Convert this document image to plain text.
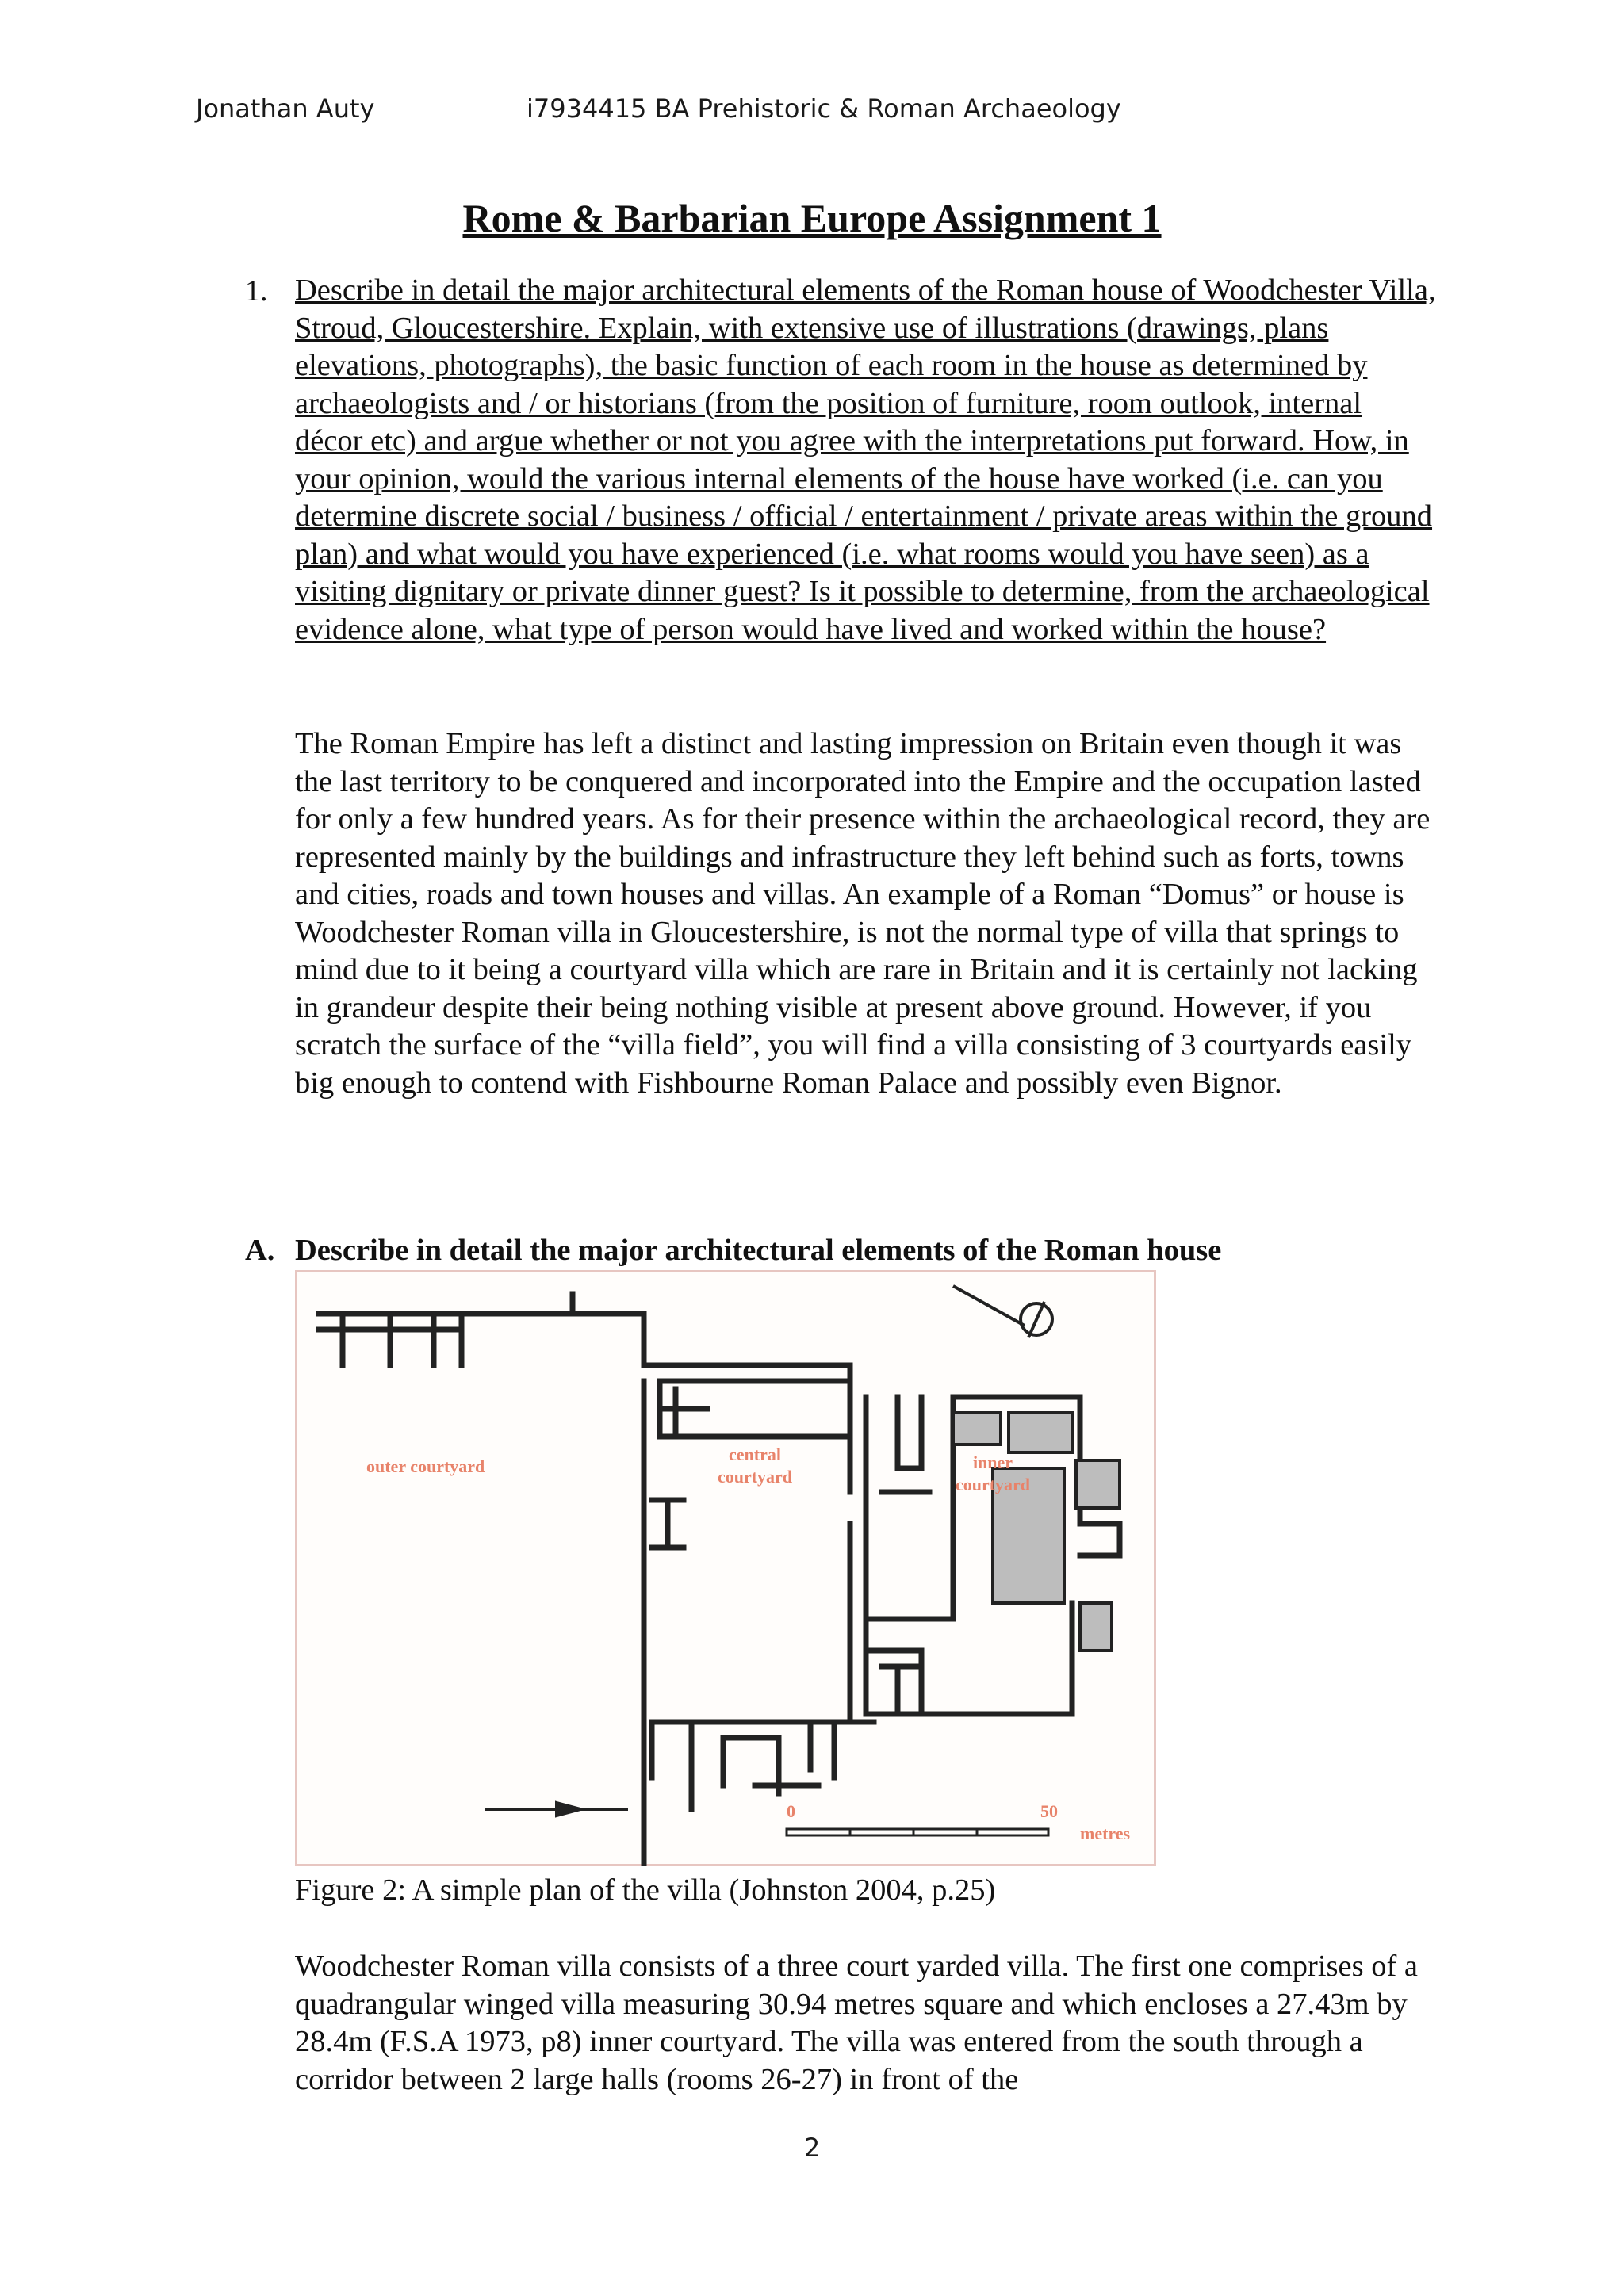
Jonathan Auty	i7934415 BA Prehistoric & Roman Archaeology
Rome & Barbarian Europe Assignment 1
1. Describe in detail the major architectural elements of the Roman house of Woodchester Villa, Stroud, Gloucestershire. Explain, with extensive use of illustrations (drawings, plans elevations, photographs), the basic function of each room in the house as determined by archaeologists and / or historians (from the position of furniture, room outlook, internal décor etc) and argue whether or not you agree with the interpretations put forward. How, in your opinion, would the various internal elements of the house have worked (i.e. can you determine discrete social / business / official / entertainment / private areas within the ground plan) and what would you have experienced (i.e. what rooms would you have seen) as a visiting dignitary or private dinner guest? Is it possible to determine, from the archaeological evidence alone, what type of person would have lived and worked within the house?

The Roman Empire has left a distinct and lasting impression on Britain even though it was the last territory to be conquered and incorporated into the Empire and the occupation lasted for only a few hundred years. As for their presence within the archaeological record, they are represented mainly by the buildings and infrastructure they left behind such as forts, towns and cities, roads and town houses and villas. An example of a Roman “Domus” or house is Woodchester Roman villa in Gloucestershire, is not the normal type of villa that springs to mind due to it being a courtyard villa which are rare in Britain and it is certainly not lacking in grandeur despite their being nothing visible at present above ground. However, if you scratch the surface of the “villa field”, you will find a villa consisting of 3 courtyards easily big enough to contend with Fishbourne Roman Palace and possibly even Bignor.

A. Describe in detail the major architectural elements of the Roman house
outer courtyard
central
courtyard
inner
courtyard
0	50
metres
Figure 2: A simple plan of the villa (Johnston 2004, p.25)

Woodchester Roman villa consists of a three court yarded villa. The first one comprises of a quadrangular winged villa measuring 30.94 metres square and which encloses a 27.43m by 28.4m (F.S.A 1973, p8) inner courtyard. The villa was entered from the south through a corridor between 2 large halls (rooms 26-27) in front of the

2
